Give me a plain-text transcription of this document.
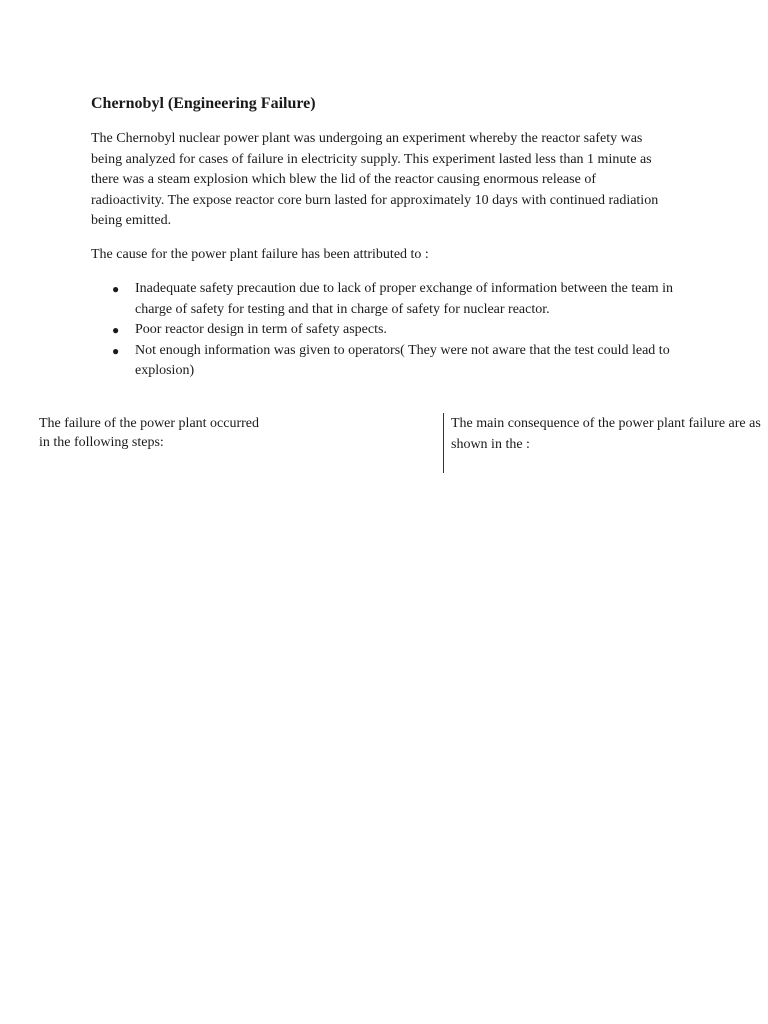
Chernobyl (Engineering Failure)

The Chernobyl nuclear power plant was undergoing an experiment whereby the reactor safety was being analyzed for cases of failure in electricity supply. This experiment lasted less than 1 minute as there was a steam explosion which blew the lid of the reactor causing enormous release of radioactivity. The expose reactor core burn lasted for approximately 10 days with continued radiation being emitted.

The cause for the power plant failure has been attributed to :

● Inadequate safety precaution due to lack of proper exchange of information between the team in charge of safety for testing and that in charge of safety for nuclear reactor.
● Poor reactor design in term of safety aspects.
● Not enough information was given to operators( They were not aware that the test could lead to explosion)

The failure of the power plant occurred in the following steps:

The main consequence of the power plant failure are as shown in the :
